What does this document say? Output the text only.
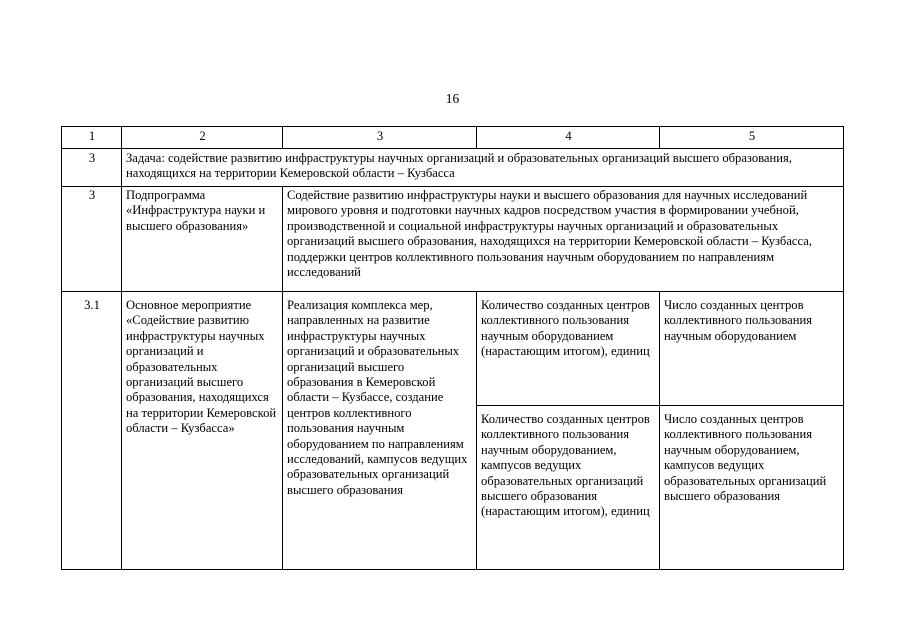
16
1	2	3	4	5
3	Задача: содействие развитию инфраструктуры научных организаций и образовательных организаций высшего образования, находящихся на территории Кемеровской области – Кузбасса			
3	Подпрограмма «Инфраструктура науки и высшего образования»	Содействие развитию инфраструктуры науки и высшего образования для научных исследований мирового уровня и подготовки научных кадров посредством участия в формировании учебной, производственной и социальной инфраструктуры научных организаций и образовательных организаций высшего образования, находящихся на территории Кемеровской области – Кузбасса, поддержки центров коллективного пользования научным оборудованием по направлениям исследований		
3.1	Основное мероприятие «Содействие развитию инфраструктуры научных организаций и образовательных организаций высшего образования, находящихся на территории Кемеровской области – Кузбасса»	Реализация комплекса мер, направленных на развитие инфраструктуры научных организаций и образовательных организаций высшего образования в Кемеровской области – Кузбассе, создание центров коллективного пользования научным оборудованием по направлениям исследований, кампусов ведущих образовательных организаций высшего образования	Количество созданных центров коллективного пользования научным оборудованием (нарастающим итогом), единиц	Число созданных центров коллективного пользования научным оборудованием
			Количество созданных центров коллективного пользования научным оборудованием, кампусов ведущих образовательных организаций высшего образования (нарастающим итогом), единиц	Число созданных центров коллективного пользования научным оборудованием, кампусов ведущих образовательных организаций высшего образования
